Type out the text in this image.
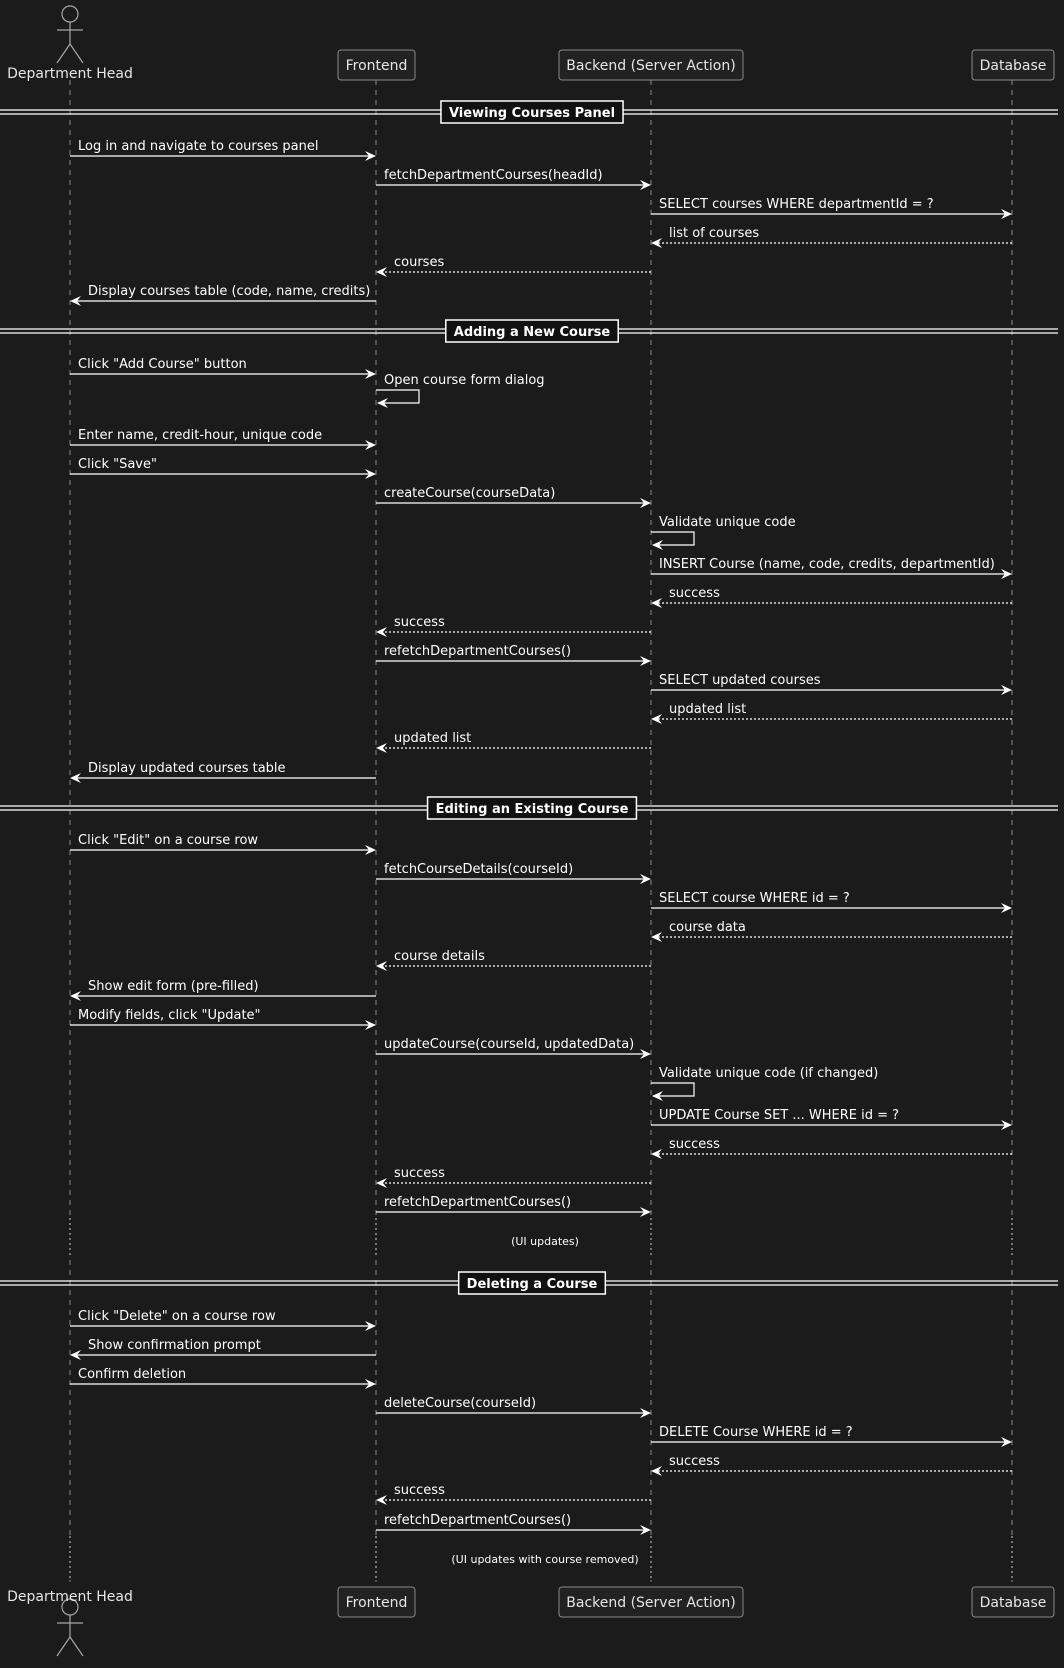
Department Head	Frontend	Backend (Server Action)	Database
Department Head	Frontend	Backend (Server Action)	Database
Viewing Courses Panel
Log in and navigate to courses panel
fetchDepartmentCourses(headId)
SELECT courses WHERE departmentId = ?
list of courses
courses
Display courses table (code, name, credits)
Adding a New Course
Click "Add Course" button
Open course form dialog
Enter name, credit-hour, unique code
Click "Save"
createCourse(courseData)
Validate unique code
INSERT Course (name, code, credits, departmentId)
success
success
refetchDepartmentCourses()
SELECT updated courses
updated list
updated list
Display updated courses table
Editing an Existing Course
Click "Edit" on a course row
fetchCourseDetails(courseId)
SELECT course WHERE id = ?
course data
course details
Show edit form (pre-filled)
Modify fields, click "Update"
updateCourse(courseId, updatedData)
Validate unique code (if changed)
UPDATE Course SET ... WHERE id = ?
success
success
refetchDepartmentCourses()
Deleting a Course
Click "Delete" on a course row
Show confirmation prompt
Confirm deletion
deleteCourse(courseId)
DELETE Course WHERE id = ?
success
success
refetchDepartmentCourses()
(UI updates)
(UI updates with course removed)
